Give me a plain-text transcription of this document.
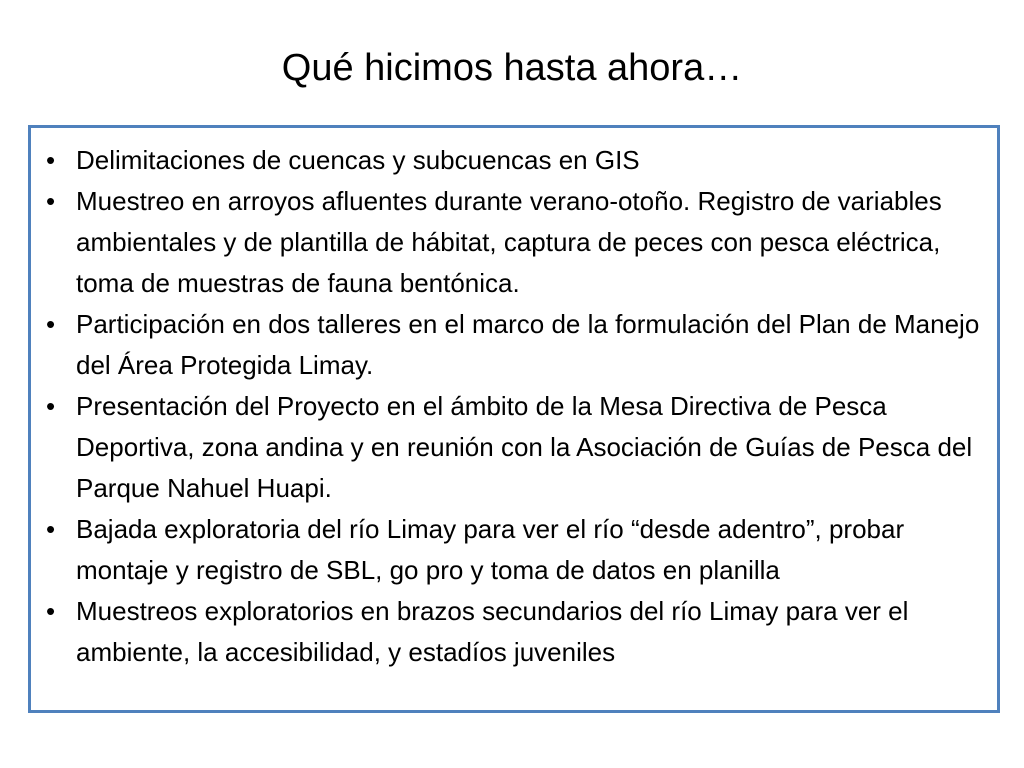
Qué hicimos hasta ahora…
• Delimitaciones de cuencas y subcuencas en GIS
• Muestreo en arroyos afluentes durante verano-otoño. Registro de variables ambientales y de plantilla de hábitat, captura de peces con pesca eléctrica, toma de muestras de fauna bentónica.
• Participación en dos talleres en el marco de la formulación del Plan de Manejo del Área Protegida Limay.
• Presentación del Proyecto en el ámbito de la Mesa Directiva de Pesca Deportiva, zona andina y en reunión con la Asociación de Guías de Pesca del Parque Nahuel Huapi.
• Bajada exploratoria del río Limay para ver el río “desde adentro”, probar montaje y registro de SBL, go pro y toma de datos en planilla
• Muestreos exploratorios en brazos secundarios del río Limay para ver el ambiente, la accesibilidad, y estadíos juveniles
